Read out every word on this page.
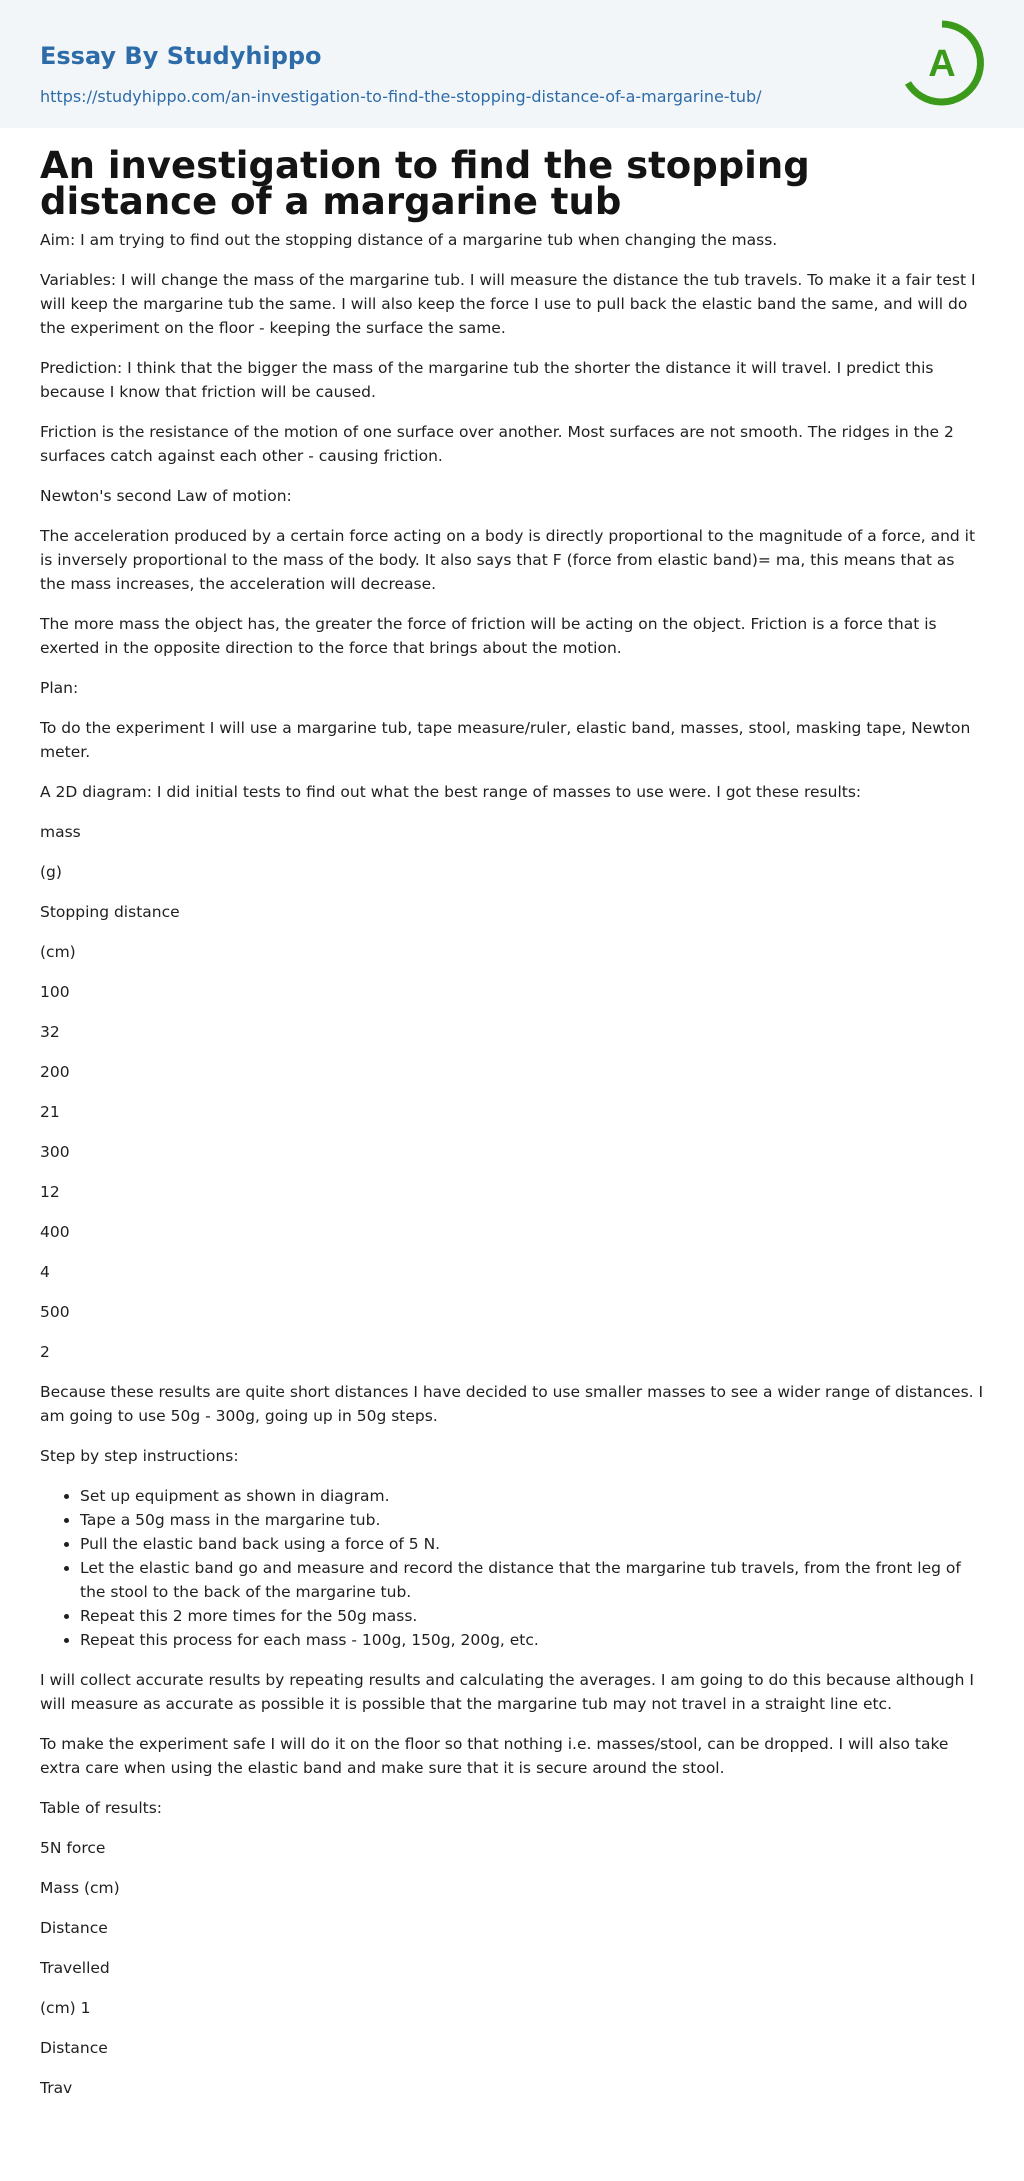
Essay By Studyhippo

https://studyhippo.com/an-investigation-to-find-the-stopping-distance-of-a-margarine-tub/
A
An investigation to find the stopping distance of a margarine tub

Aim: I am trying to find out the stopping distance of a margarine tub when changing the mass.

Variables: I will change the mass of the margarine tub. I will measure the distance the tub travels. To make it a fair test I will keep the margarine tub the same. I will also keep the force I use to pull back the elastic band the same, and will do the experiment on the floor - keeping the surface the same.

Prediction: I think that the bigger the mass of the margarine tub the shorter the distance it will travel. I predict this because I know that friction will be caused.

Friction is the resistance of the motion of one surface over another. Most surfaces are not smooth. The ridges in the 2 surfaces catch against each other - causing friction.

Newton's second Law of motion:

The acceleration produced by a certain force acting on a body is directly proportional to the magnitude of a force, and it is inversely proportional to the mass of the body. It also says that F (force from elastic band)= ma, this means that as the mass increases, the acceleration will decrease.

The more mass the object has, the greater the force of friction will be acting on the object. Friction is a force that is exerted in the opposite direction to the force that brings about the motion.

Plan:

To do the experiment I will use a margarine tub, tape measure/ruler, elastic band, masses, stool, masking tape, Newton meter.

A 2D diagram: I did initial tests to find out what the best range of masses to use were. I got these results:

mass

(g)

Stopping distance

(cm)

100

32

200

21

300

12

400

4

500

2

Because these results are quite short distances I have decided to use smaller masses to see a wider range of distances. I am going to use 50g - 300g, going up in 50g steps.

Step by step instructions:

• Set up equipment as shown in diagram.
• Tape a 50g mass in the margarine tub.
• Pull the elastic band back using a force of 5 N.
• Let the elastic band go and measure and record the distance that the margarine tub travels, from the front leg of the stool to the back of the margarine tub.
• Repeat this 2 more times for the 50g mass.
• Repeat this process for each mass - 100g, 150g, 200g, etc.

I will collect accurate results by repeating results and calculating the averages. I am going to do this because although I will measure as accurate as possible it is possible that the margarine tub may not travel in a straight line etc.

To make the experiment safe I will do it on the floor so that nothing i.e. masses/stool, can be dropped. I will also take extra care when using the elastic band and make sure that it is secure around the stool.

Table of results:

5N force

Mass (cm)

Distance

Travelled

(cm) 1

Distance

Trav
